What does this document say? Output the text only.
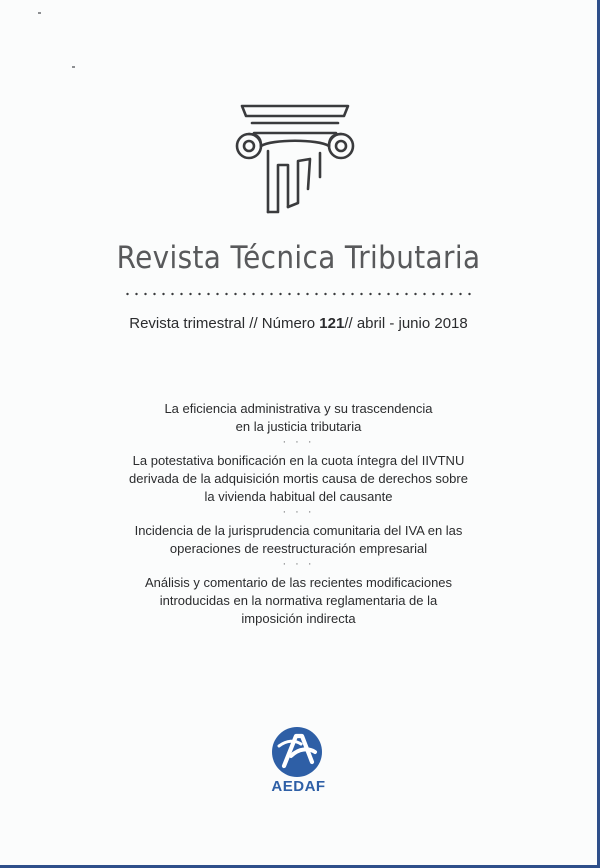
Revista Técnica Tributaria
Revista trimestral // Número 121// abril - junio 2018
La eficiencia administrativa y su trascendencia
en la justicia tributaria
· · ·
La potestativa bonificación en la cuota íntegra del IIVTNU
derivada de la adquisición mortis causa de derechos sobre
la vivienda habitual del causante
· · ·
Incidencia de la jurisprudencia comunitaria del IVA en las
operaciones de reestructuración empresarial
· · ·
Análisis y comentario de las recientes modificaciones
introducidas en la normativa reglamentaria de la
imposición indirecta
AEDAF
